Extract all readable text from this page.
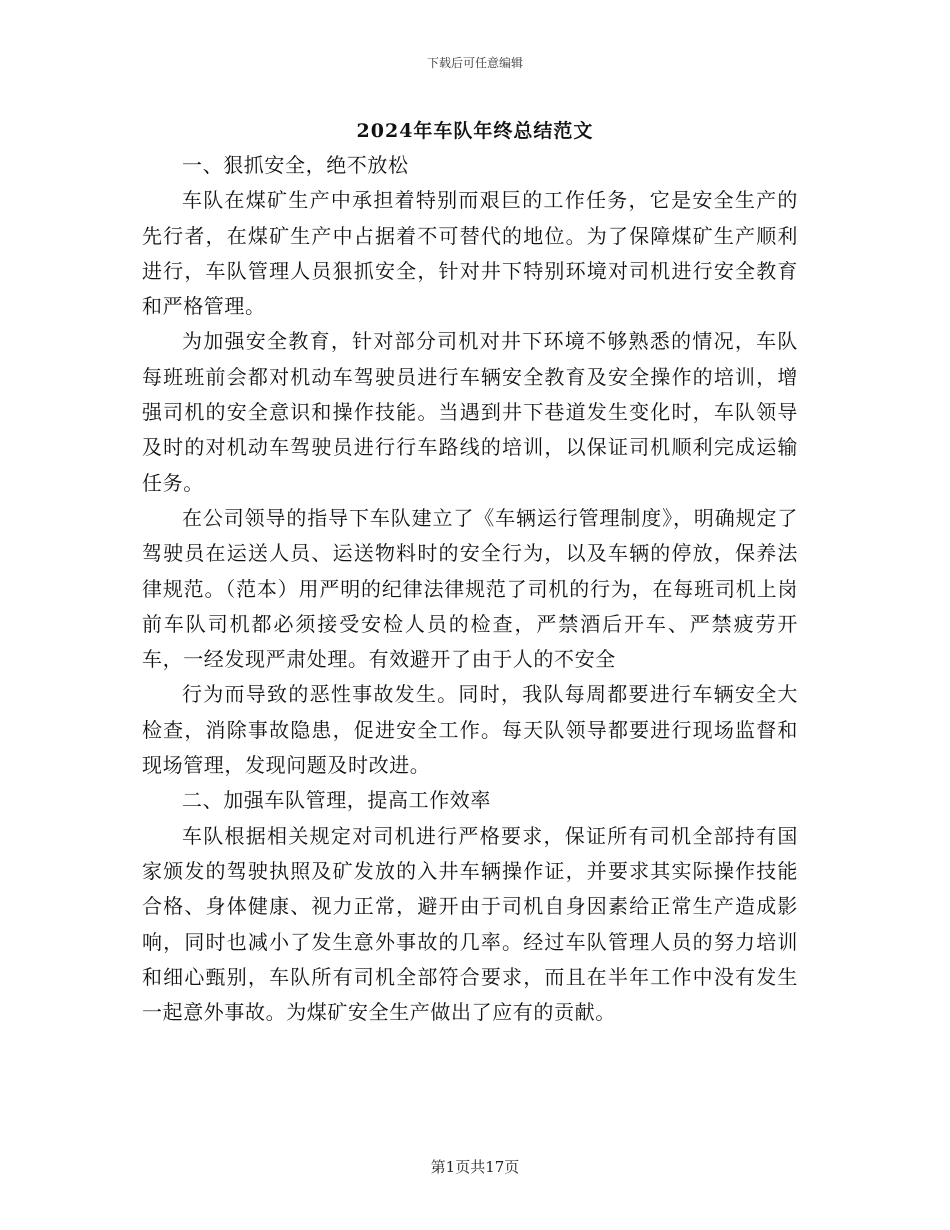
下载后可任意编辑
2024年车队年终总结范文

一、狠抓安全，绝不放松

车队在煤矿生产中承担着特别而艰巨的工作任务，它是安全生产的先行者，在煤矿生产中占据着不可替代的地位。为了保障煤矿生产顺利进行，车队管理人员狠抓安全，针对井下特别环境对司机进行安全教育和严格管理。

为加强安全教育，针对部分司机对井下环境不够熟悉的情况，车队每班班前会都对机动车驾驶员进行车辆安全教育及安全操作的培训，增强司机的安全意识和操作技能。当遇到井下巷道发生变化时，车队领导及时的对机动车驾驶员进行行车路线的培训，以保证司机顺利完成运输任务。

在公司领导的指导下车队建立了《车辆运行管理制度》，明确规定了驾驶员在运送人员、运送物料时的安全行为，以及车辆的停放，保养法律规范。（范本）用严明的纪律法律规范了司机的行为，在每班司机上岗前车队司机都必须接受安检人员的检查，严禁酒后开车、严禁疲劳开车，一经发现严肃处理。有效避开了由于人的不安全

行为而导致的恶性事故发生。同时，我队每周都要进行车辆安全大检查，消除事故隐患，促进安全工作。每天队领导都要进行现场监督和现场管理，发现问题及时改进。

二、加强车队管理，提高工作效率

车队根据相关规定对司机进行严格要求，保证所有司机全部持有国家颁发的驾驶执照及矿发放的入井车辆操作证，并要求其实际操作技能合格、身体健康、视力正常，避开由于司机自身因素给正常生产造成影响，同时也减小了发生意外事故的几率。经过车队管理人员的努力培训和细心甄别，车队所有司机全部符合要求，而且在半年工作中没有发生一起意外事故。为煤矿安全生产做出了应有的贡献。

第1页共17页
